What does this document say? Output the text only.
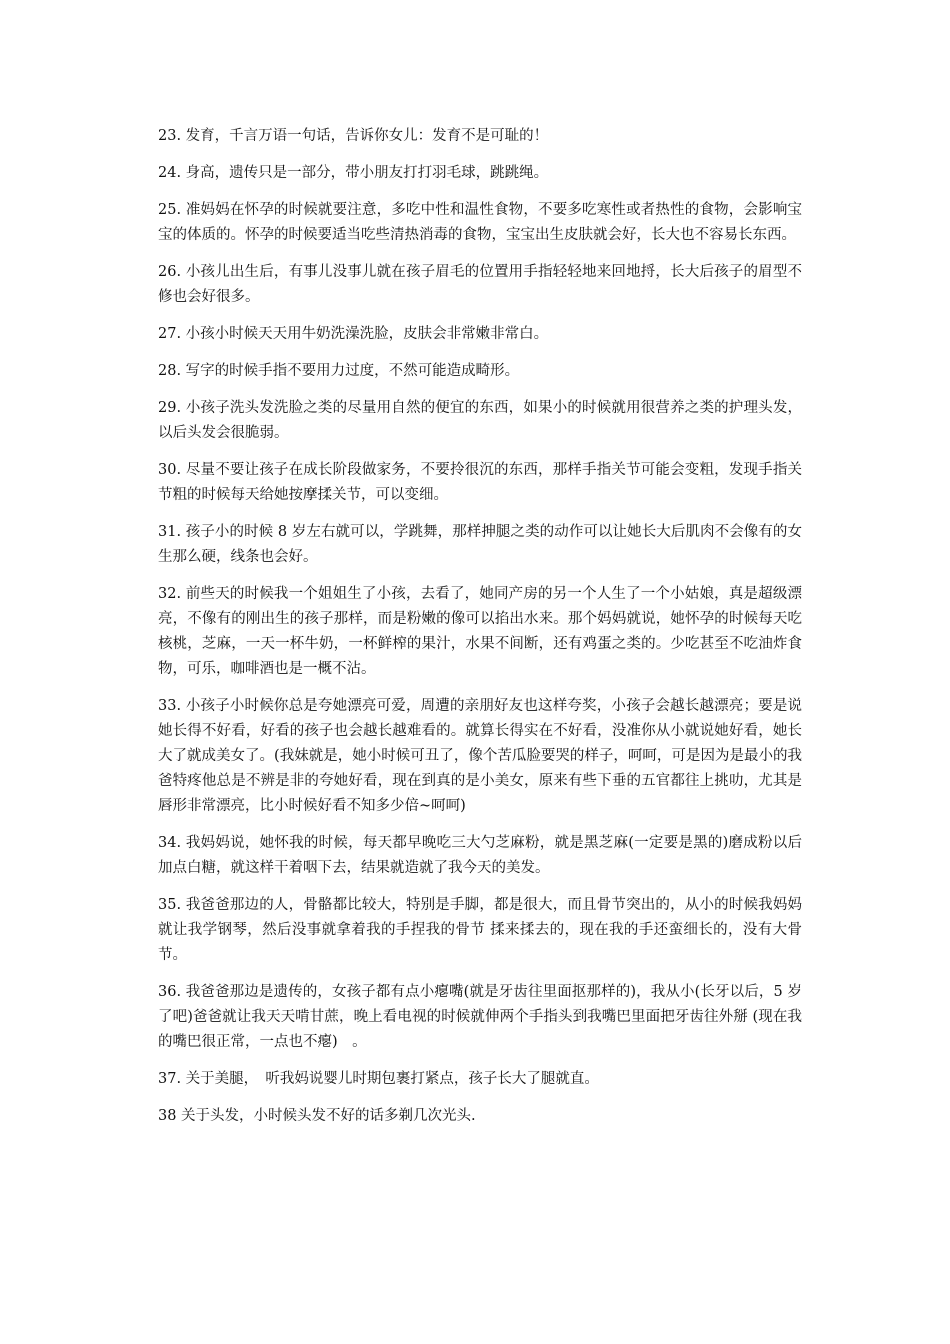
23. 发育，千言万语一句话，告诉你女儿：发育不是可耻的！

24. 身高，遗传只是一部分，带小朋友打打羽毛球，跳跳绳。

25. 准妈妈在怀孕的时候就要注意，多吃中性和温性食物，不要多吃寒性或者热性的食物，会影响宝宝的体质的。怀孕的时候要适当吃些清热消毒的食物，宝宝出生皮肤就会好，长大也不容易长东西。

26. 小孩儿出生后，有事儿没事儿就在孩子眉毛的位置用手指轻轻地来回地捋，长大后孩子的眉型不修也会好很多。

27. 小孩小时候天天用牛奶洗澡洗脸，皮肤会非常嫩非常白。

28. 写字的时候手指不要用力过度，不然可能造成畸形。

29. 小孩子洗头发洗脸之类的尽量用自然的便宜的东西，如果小的时候就用很营养之类的护理头发，以后头发会很脆弱。

30. 尽量不要让孩子在成长阶段做家务，不要拎很沉的东西，那样手指关节可能会变粗，发现手指关节粗的时候每天给她按摩揉关节，可以变细。

31. 孩子小的时候 8 岁左右就可以，学跳舞，那样抻腿之类的动作可以让她长大后肌肉不会像有的女生那么硬，线条也会好。

32. 前些天的时候我一个姐姐生了小孩，去看了，她同产房的另一个人生了一个小姑娘，真是超级漂亮，不像有的刚出生的孩子那样，而是粉嫩的像可以掐出水来。那个妈妈就说，她怀孕的时候每天吃核桃，芝麻，一天一杯牛奶，一杯鲜榨的果汁，水果不间断，还有鸡蛋之类的。少吃甚至不吃油炸食物，可乐，咖啡酒也是一概不沾。

33. 小孩子小时候你总是夸她漂亮可爱，周遭的亲朋好友也这样夸奖，小孩子会越长越漂亮；要是说她长得不好看，好看的孩子也会越长越难看的。就算长得实在不好看，没准你从小就说她好看，她长大了就成美女了。(我妹就是，她小时候可丑了，像个苦瓜脸要哭的样子，呵呵，可是因为是最小的我爸特疼他总是不辨是非的夸她好看，现在到真的是小美女，原来有些下垂的五官都往上挑叻，尤其是唇形非常漂亮，比小时候好看不知多少倍~呵呵)

34. 我妈妈说，她怀我的时候，每天都早晚吃三大勺芝麻粉，就是黑芝麻(一定要是黑的)磨成粉以后加点白糖，就这样干着咽下去，结果就造就了我今天的美发。

35. 我爸爸那边的人，骨骼都比较大，特别是手脚，都是很大，而且骨节突出的，从小的时候我妈妈就让我学钢琴，然后没事就拿着我的手捏我的骨节 揉来揉去的，现在我的手还蛮细长的，没有大骨节。

36. 我爸爸那边是遗传的，女孩子都有点小瘪嘴(就是牙齿往里面抠那样的)，我从小(长牙以后，5 岁了吧)爸爸就让我天天啃甘蔗，晚上看电视的时候就伸两个手指头到我嘴巴里面把牙齿往外掰 (现在我的嘴巴很正常，一点也不瘪)　。

37. 关于美腿，　听我妈说婴儿时期包裹打紧点，孩子长大了腿就直。

38 关于头发，小时候头发不好的话多剃几次光头.
